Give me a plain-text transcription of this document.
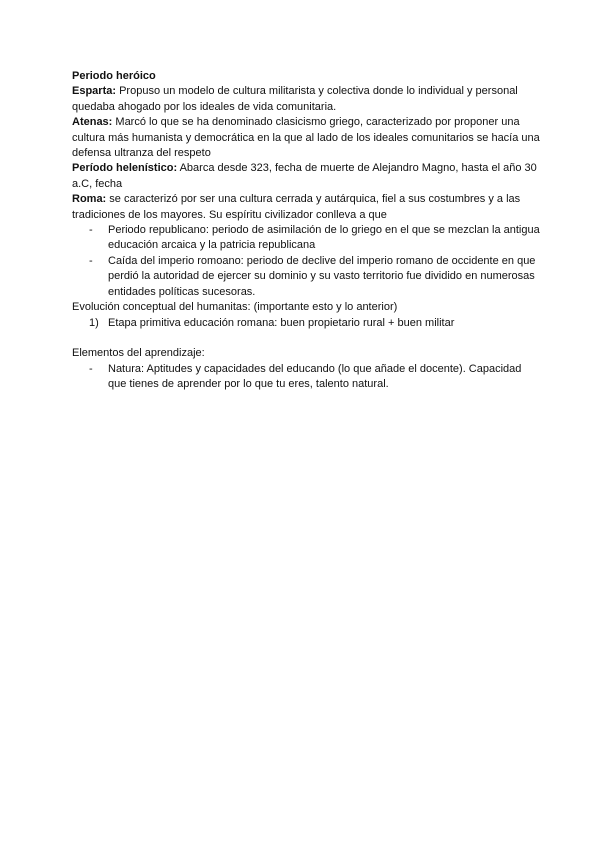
Periodo heróico

Esparta: Propuso un modelo de cultura militarista y colectiva donde lo individual y personal quedaba ahogado por los ideales de vida comunitaria.

Atenas: Marcó lo que se ha denominado clasicismo griego, caracterizado por proponer una cultura más humanista y democrática en la que al lado de los ideales comunitarios se hacía una defensa ultranza del respeto

Período helenístico: Abarca desde 323, fecha de muerte de Alejandro Magno, hasta el año 30 a.C, fecha

Roma: se caracterizó por ser una cultura cerrada y autárquica, fiel a sus costumbres y a las tradiciones de los mayores. Su espíritu civilizador conlleva a que

-	Periodo republicano: periodo de asimilación de lo griego en el que se mezclan la antigua educación arcaica y la patricia republicana
-	Caída del imperio romoano: periodo de declive del imperio romano de occidente en que perdió la autoridad de ejercer su dominio y su vasto territorio fue dividido en numerosas entidades políticas sucesoras.

Evolución conceptual del humanitas: (importante esto y lo anterior)

1) Etapa primitiva educación romana: buen propietario rural + buen militar

Elementos del aprendizaje:

-	Natura: Aptitudes y capacidades del educando (lo que añade el docente). Capacidad que tienes de aprender por lo que tu eres, talento natural.
